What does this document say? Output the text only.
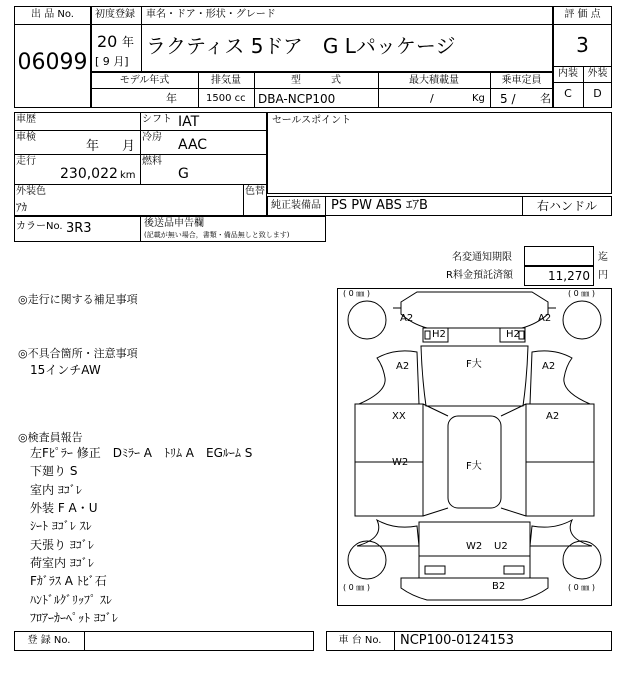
出 品 No.
06099
初度登録 車名・ドア・形状・グレード
20 年
[ 9 月]
ラクティス 5ドア　G Lパッケージ
評 価 点
3
内装 外装
C	D
モデル年式	排気量	型　　　式	最大積載量	乗車定員
年	1500 cc DBA-NCP100	/	Kg 5 / 名
車歴	シフト IAT
車検
年 月
冷房 AAC
走行
230,022 km
燃料
G
外装色
ｱｶ
色替
セールスポイント
純正装備品 PS PW ABS ｴｱB	右ハンドル
カラーNo. 3R3	後送品申告欄
(記載が無い場合，書類・備品無しと致します)
名変通知期限	迄
R料金預託済額	11,270 円
◎走行に関する補足事項
◎不具合箇所・注意事項
15インチAW
◎検査員報告
左Fﾋﾟﾗｰ 修正　Dﾐﾗｰ A　ﾄﾘﾑ A　EGﾙｰﾑ S
下廻り S
室内 ﾖｺﾞﾚ
外装 F A・U
ｼｰﾄ ﾖｺﾞﾚ ｽﾚ
天張り ﾖｺﾞﾚ
荷室内 ﾖｺﾞﾚ
Fｶﾞﾗｽ A ﾄﾋﾞ石
ﾊﾝﾄﾞﾙｸﾞﾘｯﾌﾟ ｽﾚ
ﾌﾛｱｰｶｰﾍﾟｯﾄ ﾖｺﾞﾚ
( 0 ㎜ )	( 0 ㎜ )
( 0 ㎜ )	( 0 ㎜ )
A2	A2
H2	H2
A2	A2
F大
XX	A2
W2	F大
W2 U2
B2
登 録 No.	車 台 No.	NCP100-0124153
